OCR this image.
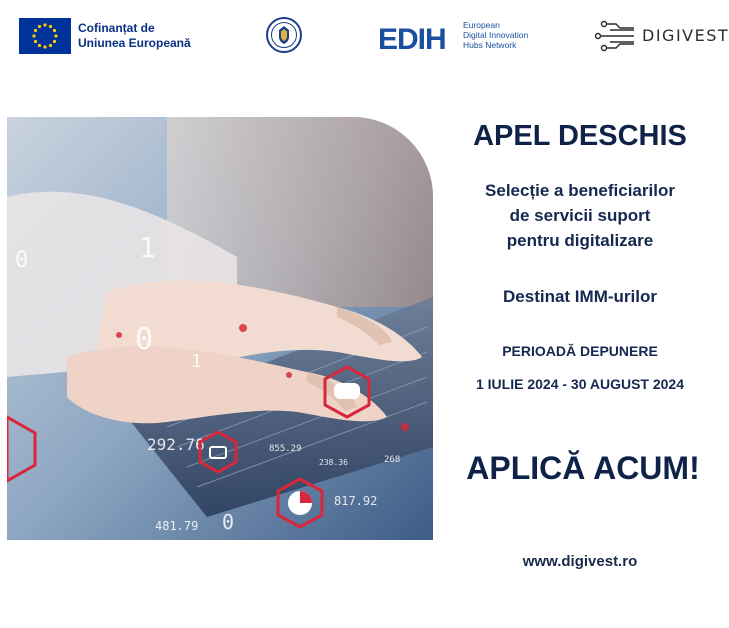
Cofinanțat de
Uniunea Europeană	EDIH European
Digital Innovation
Hubs Network	DIGIVEST
0	1
0
1
0
292.76
481.79
817.92
855.29
238.36	268
APEL DESCHIS
Selecție a beneficiarilor
de servicii suport
pentru digitalizare
Destinat IMM-urilor
PERIOADĂ DEPUNERE
1 IULIE 2024 - 30 AUGUST 2024
APLICĂ ACUM!
www.digivest.ro
